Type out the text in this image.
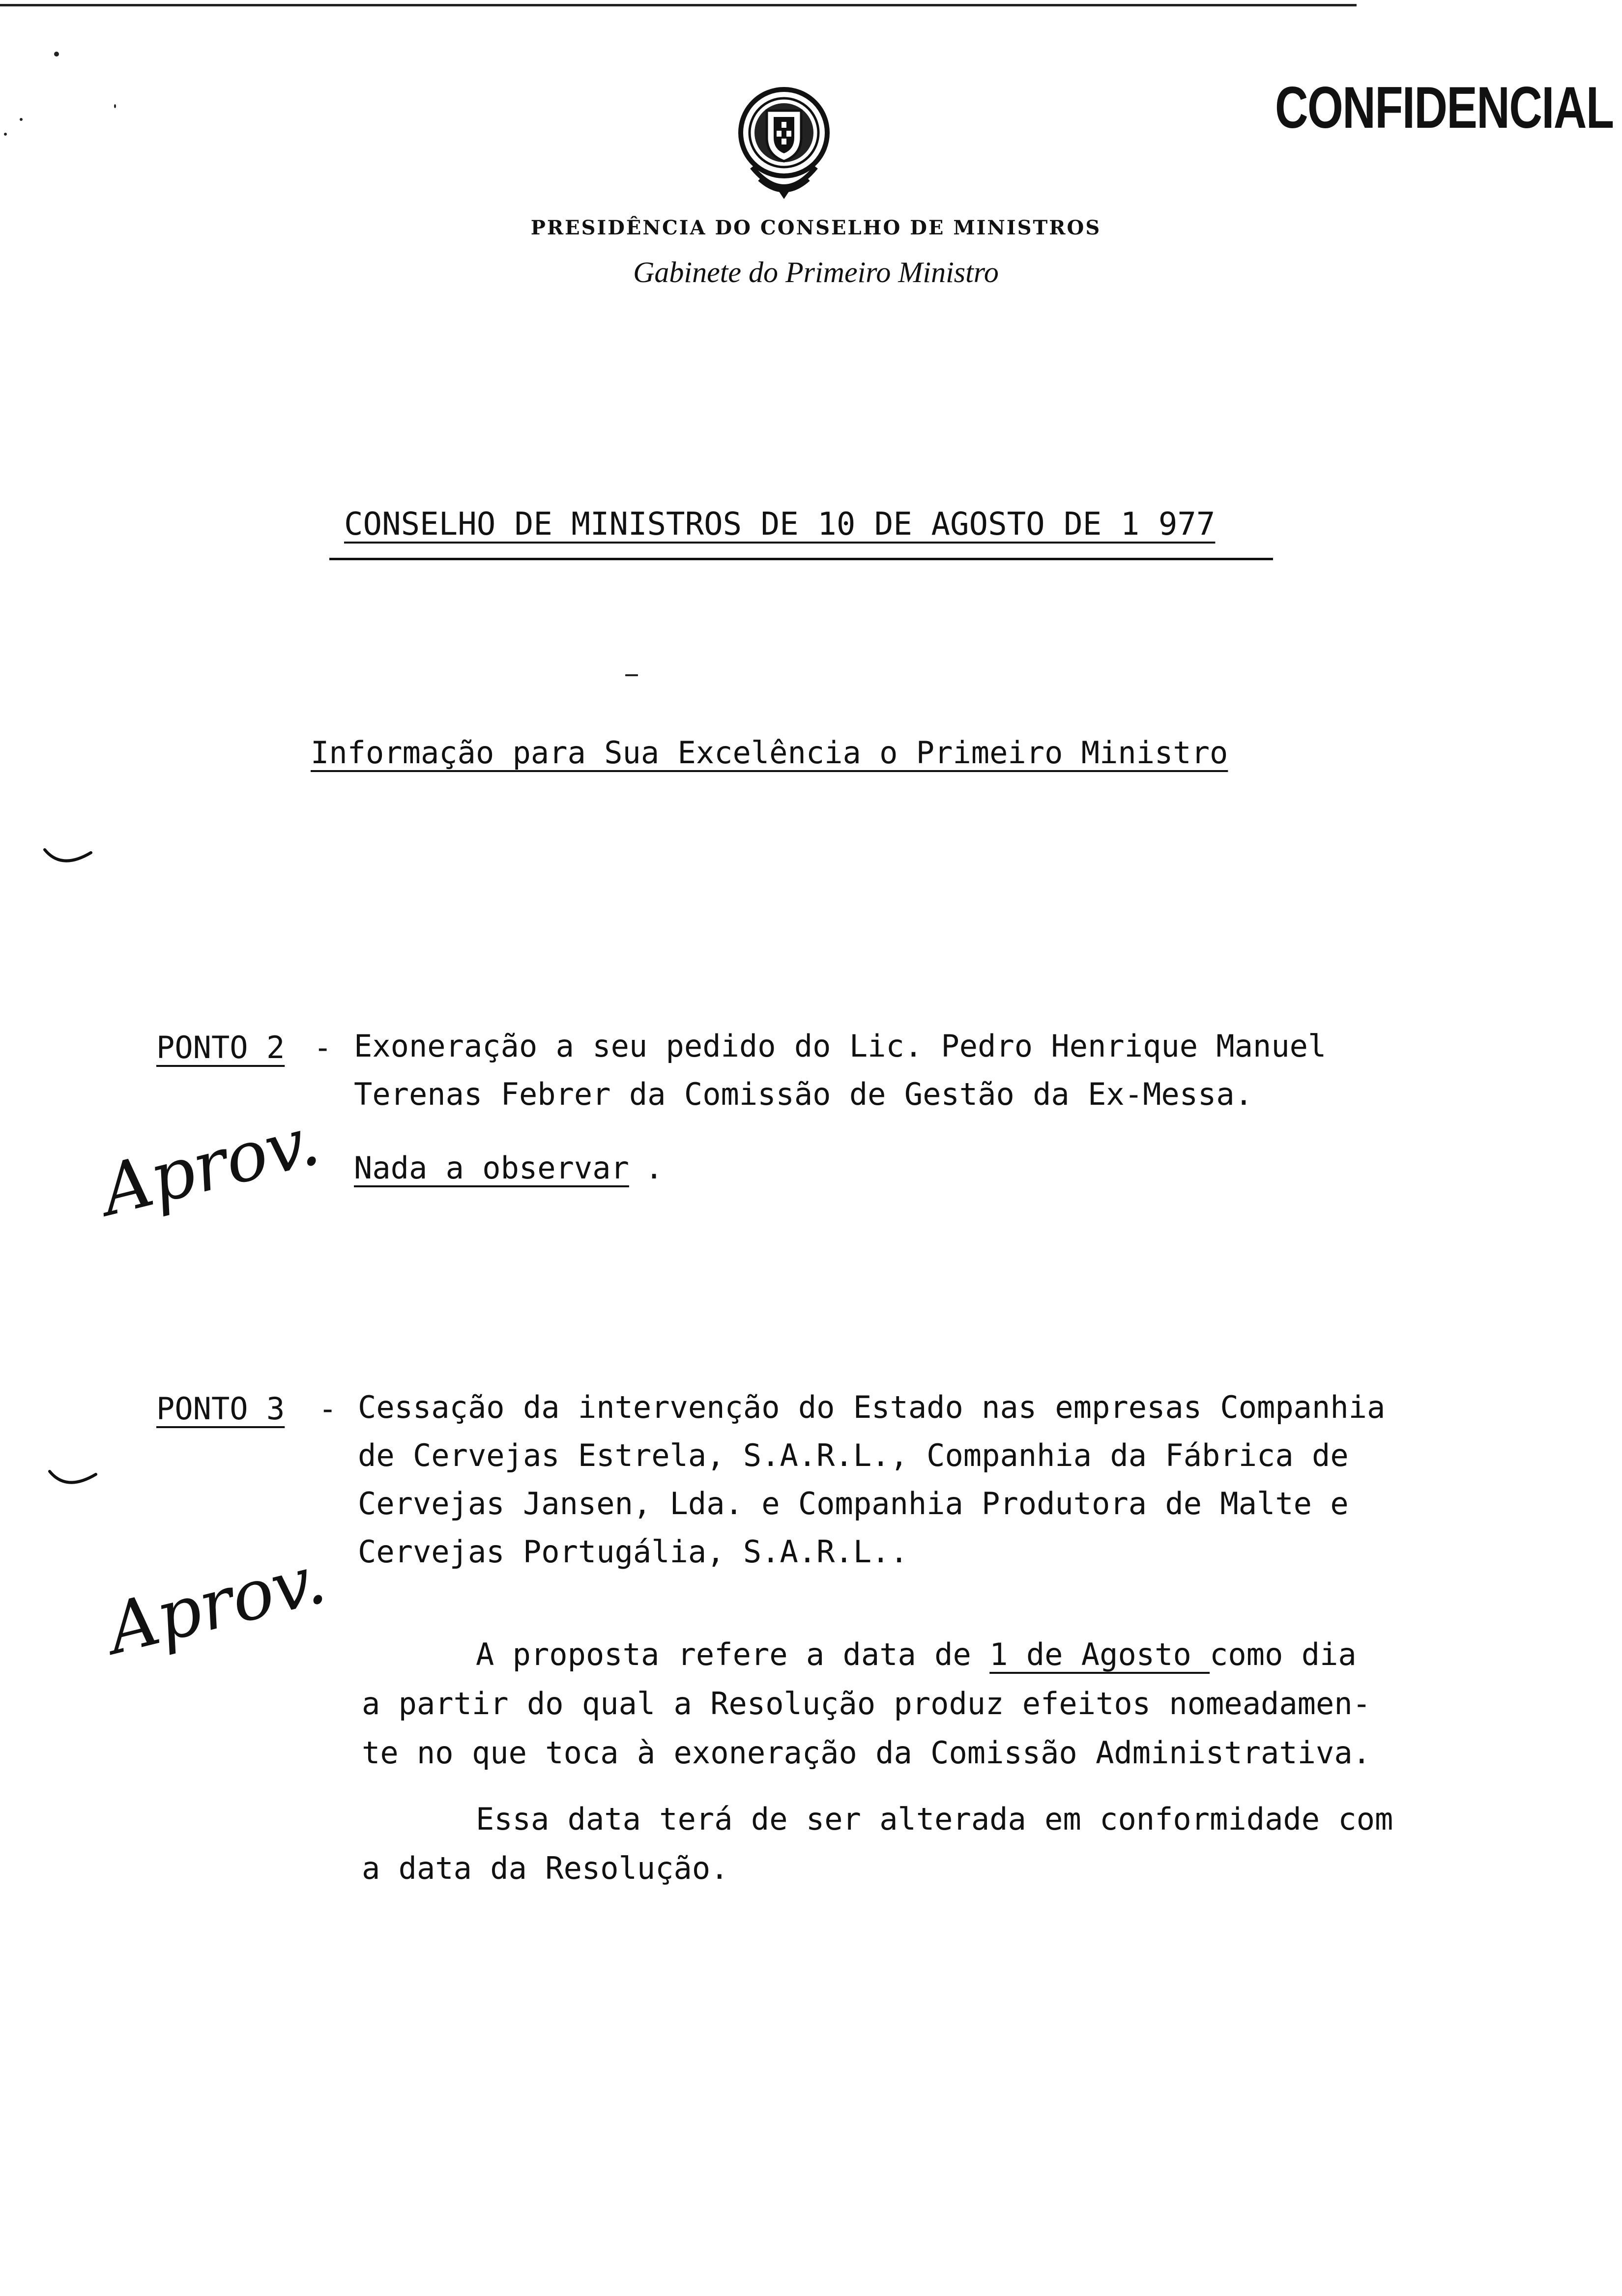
CONFIDENCIAL
PRESIDÊNCIA DO CONSELHO DE MINISTROS
Gabinete do Primeiro Ministro
CONSELHO DE MINISTROS DE 10 DE AGOSTO DE 1 977
Informação para Sua Excelência o Primeiro Ministro
PONTO 2 - Exoneração a seu pedido do Lic. Pedro Henrique Manuel
Terenas Febrer da Comissão de Gestão da Ex-Messa.
Nada a observar .
Aprov.
PONTO 3 - Cessação da intervenção do Estado nas empresas Companhia
de Cervejas Estrela, S.A.R.L., Companhia da Fábrica de
Cervejas Jansen, Lda. e Companhia Produtora de Malte e
Cervejas Portugália, S.A.R.L..
Aprov.	A proposta refere a data de 1 de Agosto como dia
a partir do qual a Resolução produz efeitos nomeadamen-
te no que toca à exoneração da Comissão Administrativa.
Essa data terá de ser alterada em conformidade com
a data da Resolução.
